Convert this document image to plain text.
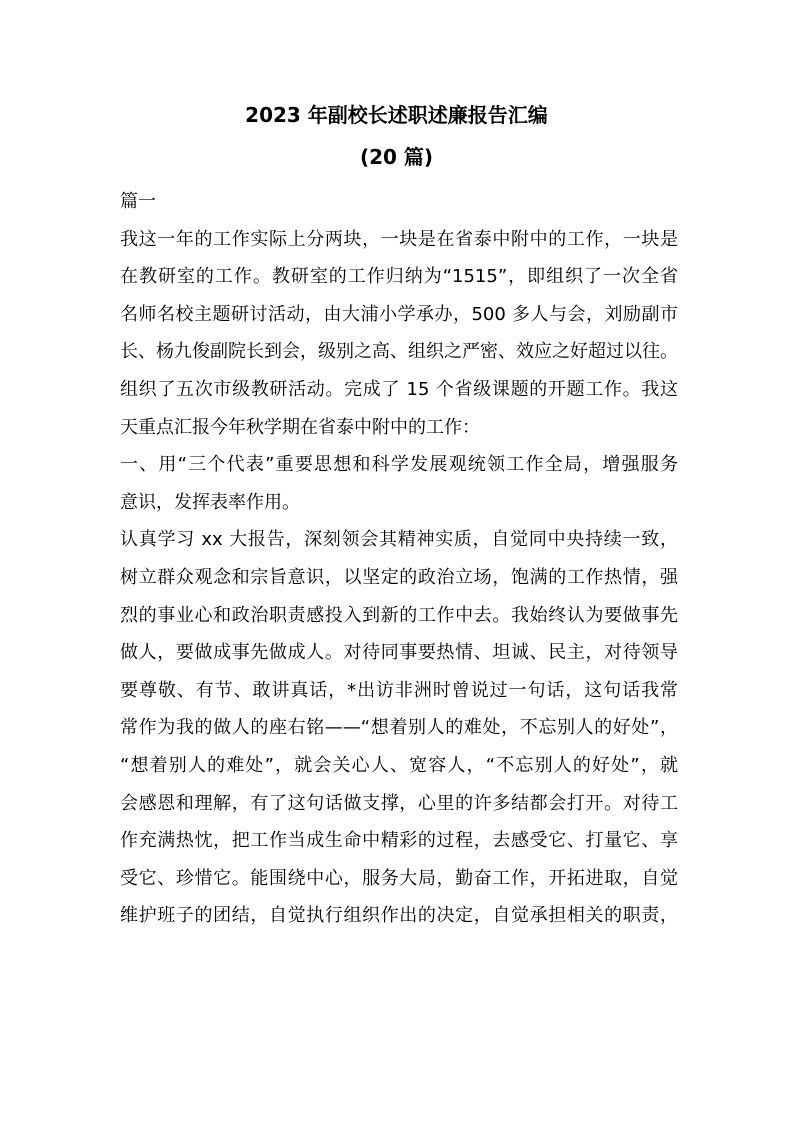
2023 年副校长述职述廉报告汇编
(20 篇)
篇一
我这一年的工作实际上分两块，一块是在省泰中附中的工作，一块是
在教研室的工作。教研室的工作归纳为“1515”，即组织了一次全省
名师名校主题研讨活动，由大浦小学承办，500 多人与会，刘励副市
长、杨九俊副院长到会，级别之高、组织之严密、效应之好超过以往。
组织了五次市级教研活动。完成了 15 个省级课题的开题工作。我这
天重点汇报今年秋学期在省泰中附中的工作：
一、用“三个代表”重要思想和科学发展观统领工作全局，增强服务
意识，发挥表率作用。
认真学习 xx 大报告，深刻领会其精神实质，自觉同中央持续一致，
树立群众观念和宗旨意识，以坚定的政治立场，饱满的工作热情，强
烈的事业心和政治职责感投入到新的工作中去。我始终认为要做事先
做人，要做成事先做成人。对待同事要热情、坦诚、民主，对待领导
要尊敬、有节、敢讲真话，*出访非洲时曾说过一句话，这句话我常
常作为我的做人的座右铭——“想着别人的难处，不忘别人的好处”，
“想着别人的难处”，就会关心人、宽容人，“不忘别人的好处”，就
会感恩和理解，有了这句话做支撑，心里的许多结都会打开。对待工
作充满热忱，把工作当成生命中精彩的过程，去感受它、打量它、享
受它、珍惜它。能围绕中心，服务大局，勤奋工作，开拓进取，自觉
维护班子的团结，自觉执行组织作出的决定，自觉承担相关的职责，
